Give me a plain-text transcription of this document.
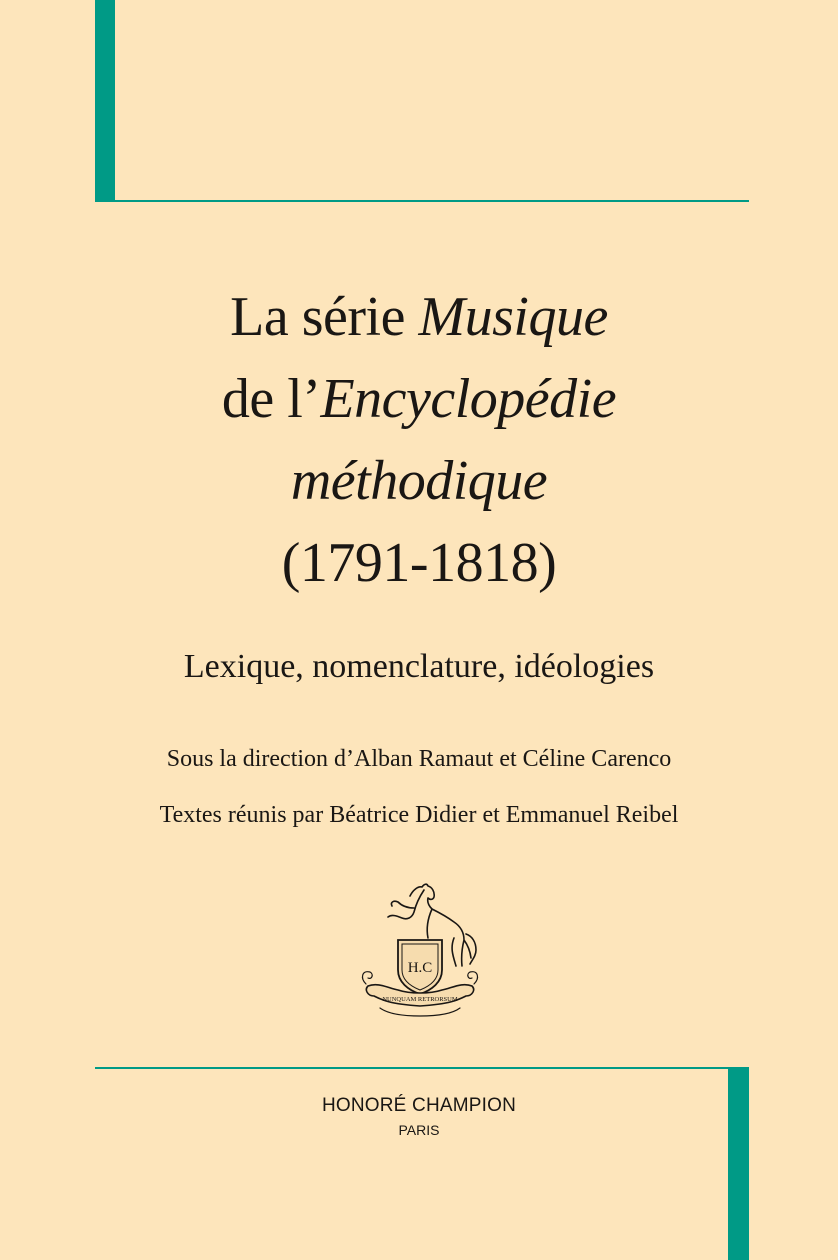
La série Musique
de l’Encyclopédie
méthodique
(1791-1818)
Lexique, nomenclature, idéologies
Sous la direction d’Alban Ramaut et Céline Carenco
Textes réunis par Béatrice Didier et Emmanuel Reibel
H.C
NUNQUAM RETRORSUM
HONORÉ CHAMPION
PARIS
